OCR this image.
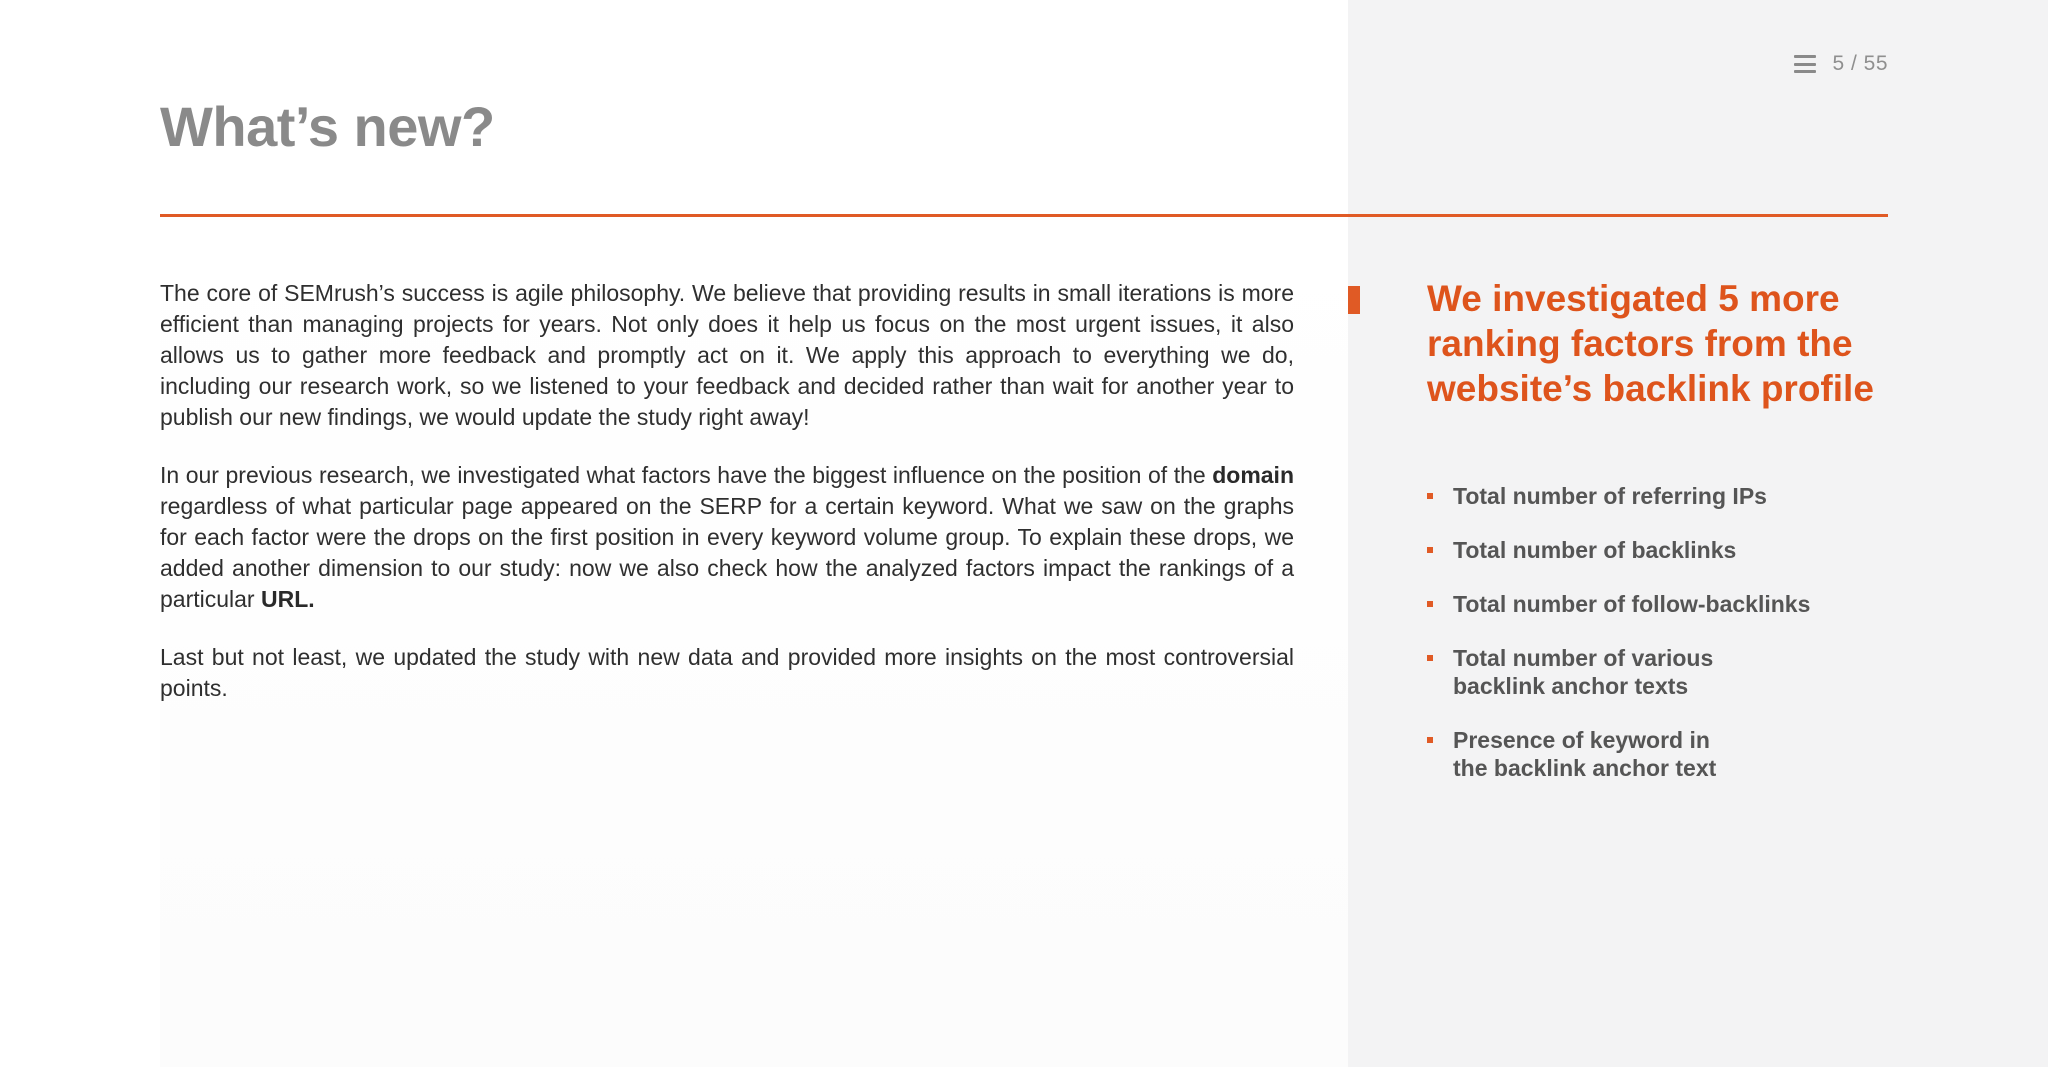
5 / 55
What’s new?

The core of SEMrush’s success is agile philosophy. We believe that providing results in small iterations is more efficient than managing projects for years. Not only does it help us focus on the most urgent issues, it also allows us to gather more feedback and promptly act on it. We apply this approach to everything we do, including our research work, so we listened to your feedback and decided rather than wait for another year to publish our new findings, we would update the study right away!

In our previous research, we investigated what factors have the biggest influence on the position of the domain regardless of what particular page appeared on the SERP for a certain keyword. What we saw on the graphs for each factor were the drops on the first position in every keyword volume group. To explain these drops, we added another dimension to our study: now we also check how the analyzed factors impact the rankings of a particular URL.

Last but not least, we updated the study with new data and provided more insights on the most controversial points.

We investigated 5 more ranking factors from the website’s backlink profile
Total number of referring IPs
Total number of backlinks
Total number of follow-backlinks
Total number of various
backlink anchor texts
Presence of keyword in
the backlink anchor text
